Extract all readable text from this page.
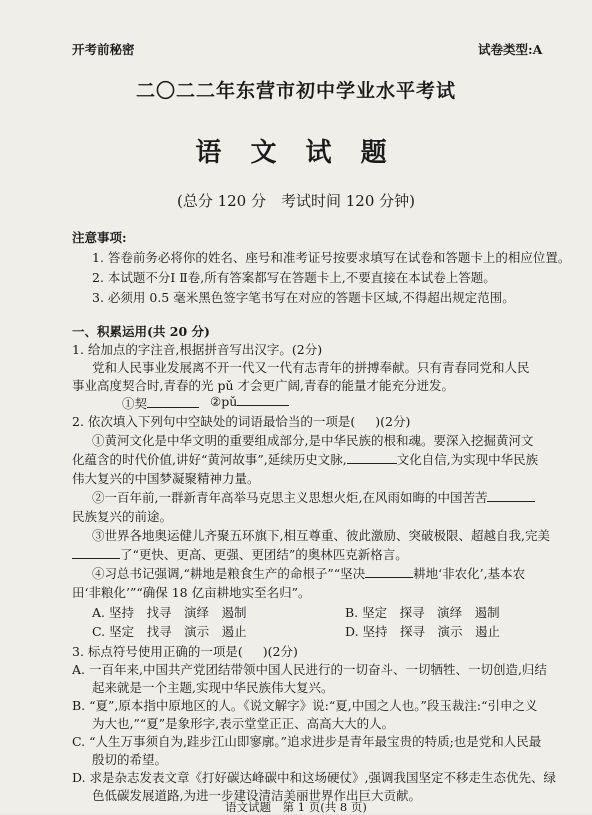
开考前秘密	试卷类型:A
二〇二二年东营市初中学业水平考试
语 文 试 题
(总分 120 分　考试时间 120 分钟)
注意事项:
1. 答卷前务必将你的姓名、座号和准考证号按要求填写在试卷和答题卡上的相应位置。
2. 本试题不分Ⅰ Ⅱ卷,所有答案都写在答题卡上,不要直接在本试卷上答题。
3. 必须用 0.5 毫米黑色签字笔书写在对应的答题卡区域,不得超出规定范围。
一、积累运用(共 20 分)
1. 给加点的字注音,根据拼音写出汉字。(2分)
党和人民事业发展离不开一代又一代有志青年的拼搏奉献。只有青春同党和人民
事业高度契合时,青春的光 pǔ 才会更广阔,青春的能量才能充分迸发。
①契	②pǔ
2. 依次填入下列句中空缺处的词语最恰当的一项是( )(2分)
①黄河文化是中华文明的重要组成部分,是中华民族的根和魂。要深入挖掘黄河文
化蕴含的时代价值,讲好“黄河故事”,延续历史文脉,	文化自信,为实现中华民族
伟大复兴的中国梦凝聚精神力量。
②一百年前,一群新青年高举马克思主义思想火炬,在风雨如晦的中国苦苦
民族复兴的前途。
③世界各地奥运健儿齐聚五环旗下,相互尊重、彼此激励、突破极限、超越自我,完美
了“更快、更高、更强、更团结”的奥林匹克新格言。
④习总书记强调,“耕地是粮食生产的命根子”“坚决	耕地‘非农化’,基本农
田‘非粮化’”“确保 18 亿亩耕地实至名归”。
A. 坚持　找寻　演绎　遏制	B. 坚定　探寻　演绎　遏制
C. 坚定　找寻　演示　遏止	D. 坚持　探寻　演示　遏止
3. 标点符号使用正确的一项是( )(2分)
A. 一百年来,中国共产党团结带领中国人民进行的一切奋斗、一切牺牲、一切创造,归结
起来就是一个主题,实现中华民族伟大复兴。
B. “夏”,原本指中原地区的人。《说文解字》说:“夏,中国之人也。”段玉裁注:“引申之义
为大也,”“夏”是象形字,表示堂堂正正、高高大大的人。
C. “人生万事须自为,跬步江山即寥廓。”追求进步是青年最宝贵的特质;也是党和人民最
殷切的希望。
D. 求是杂志发表文章《打好碳达峰碳中和这场硬仗》,强调我国坚定不移走生态优先、绿
色低碳发展道路,为进一步建设清洁美丽世界作出巨大贡献。
语文试题　第 1 页(共 8 页)
